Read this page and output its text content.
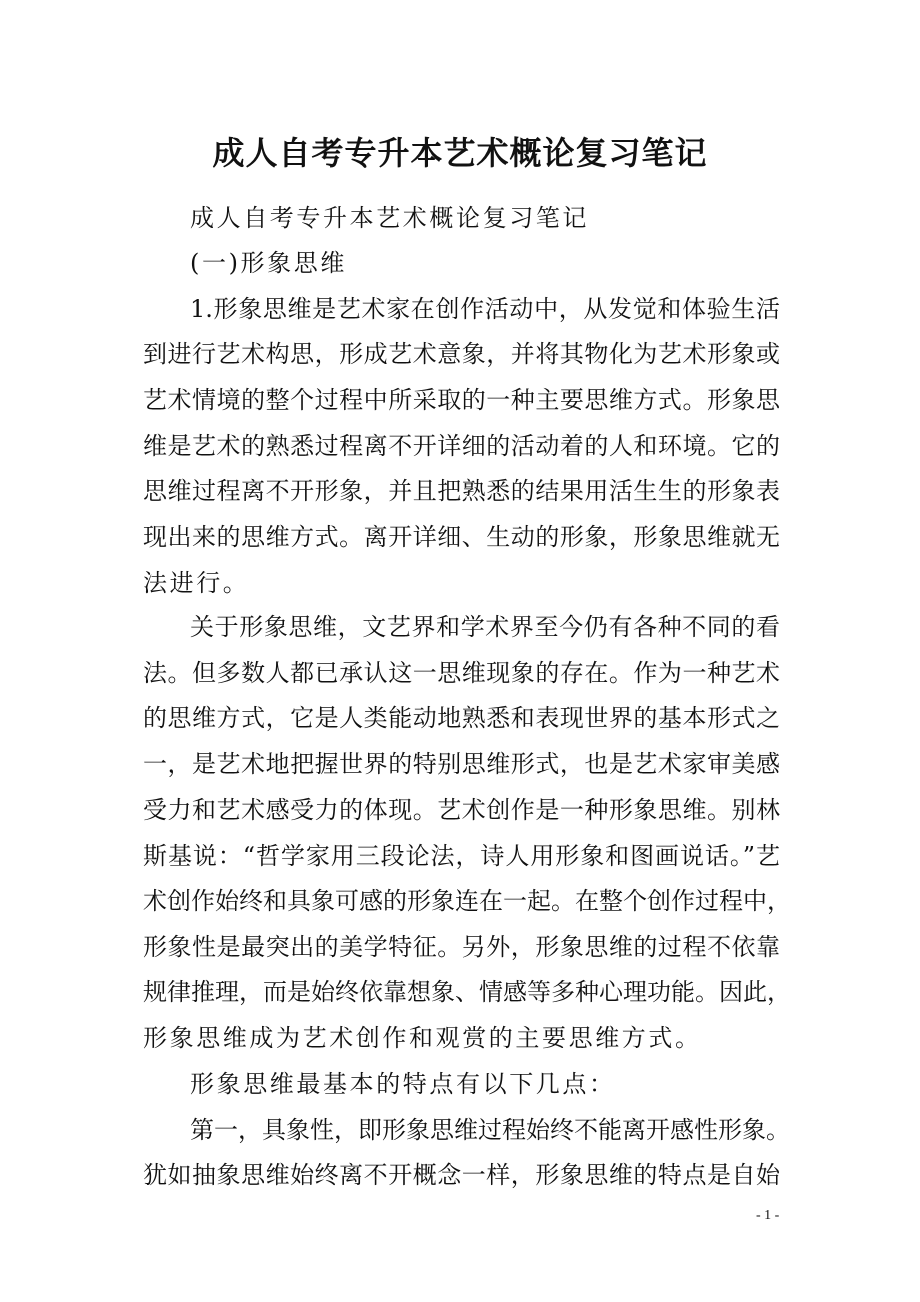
成人自考专升本艺术概论复习笔记
成人自考专升本艺术概论复习笔记
(一)形象思维
1.形象思维是艺术家在创作活动中，从发觉和体验生活
到进行艺术构思，形成艺术意象，并将其物化为艺术形象或
艺术情境的整个过程中所采取的一种主要思维方式。形象思
维是艺术的熟悉过程离不开详细的活动着的人和环境。它的
思维过程离不开形象，并且把熟悉的结果用活生生的形象表
现出来的思维方式。离开详细、生动的形象，形象思维就无
法进行。
关于形象思维，文艺界和学术界至今仍有各种不同的看
法。但多数人都已承认这一思维现象的存在。作为一种艺术
的思维方式，它是人类能动地熟悉和表现世界的基本形式之
一，是艺术地把握世界的特别思维形式，也是艺术家审美感
受力和艺术感受力的体现。艺术创作是一种形象思维。别林
斯基说：“哲学家用三段论法，诗人用形象和图画说话。”艺
术创作始终和具象可感的形象连在一起。在整个创作过程中，
形象性是最突出的美学特征。另外，形象思维的过程不依靠
规律推理，而是始终依靠想象、情感等多种心理功能。因此，
形象思维成为艺术创作和观赏的主要思维方式。
形象思维最基本的特点有以下几点：
第一，具象性，即形象思维过程始终不能离开感性形象。
犹如抽象思维始终离不开概念一样，形象思维的特点是自始
- 1 -
